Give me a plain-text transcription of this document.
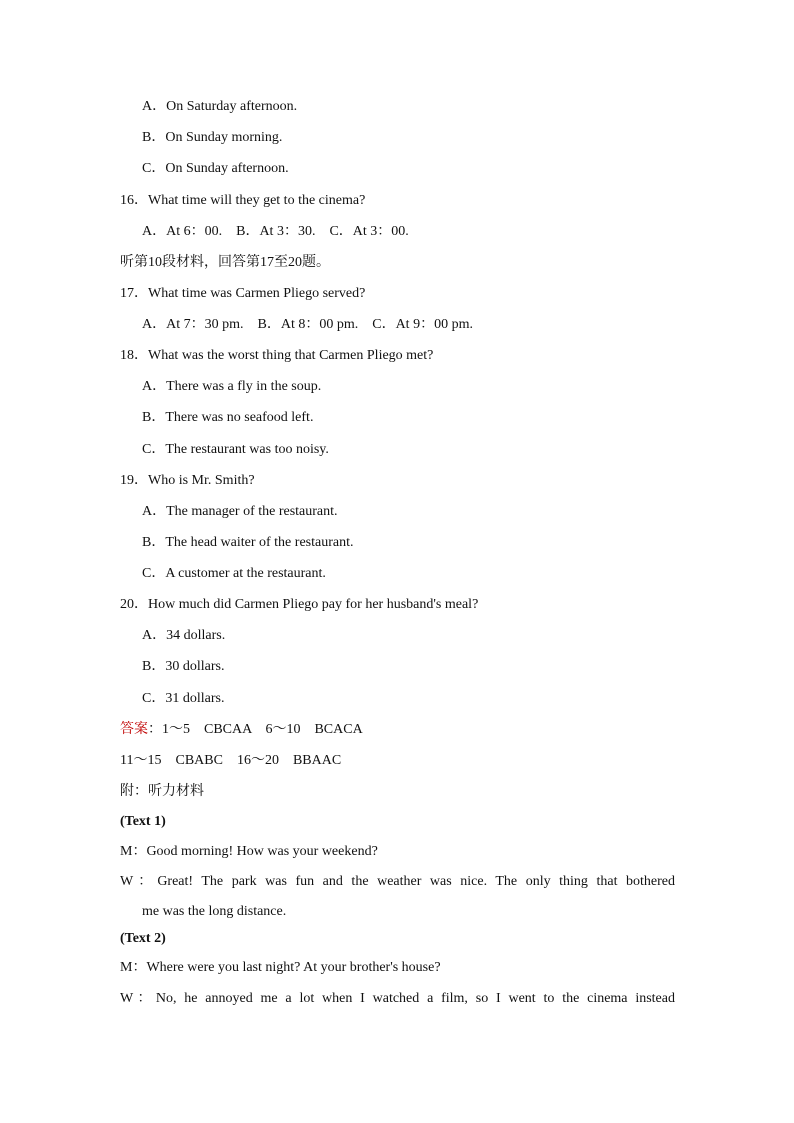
A．On Saturday afternoon.
B．On Sunday morning.
C．On Sunday afternoon.
16．What time will they get to the cinema?
A．At 6：00.　B．At 3：30.　C．At 3：00.
听第10段材料，回答第17至20题。
17．What time was Carmen Pliego served?
A．At 7：30 pm.　B．At 8：00 pm.　C．At 9：00 pm.
18．What was the worst thing that Carmen Pliego met?
A．There was a fly in the soup.
B．There was no seafood left.
C．The restaurant was too noisy.
19．Who is Mr. Smith?
A．The manager of the restaurant.
B．The head waiter of the restaurant.
C．A customer at the restaurant.
20．How much did Carmen Pliego pay for her husband's meal?
A．34 dollars.
B．30 dollars.
C．31 dollars.
答案：1～5　CBCAA　6～10　BCACA
11～15　CBABC　16～20　BBAAC
附：听力材料
(Text 1)
M：Good morning! How was your weekend?
W：Great! The park was fun and the weather was nice. The only thing that bothered
me was the long distance.
(Text 2)
M：Where were you last night? At your brother's house?
W：No, he annoyed me a lot when I watched a film, so I went to the cinema instead
